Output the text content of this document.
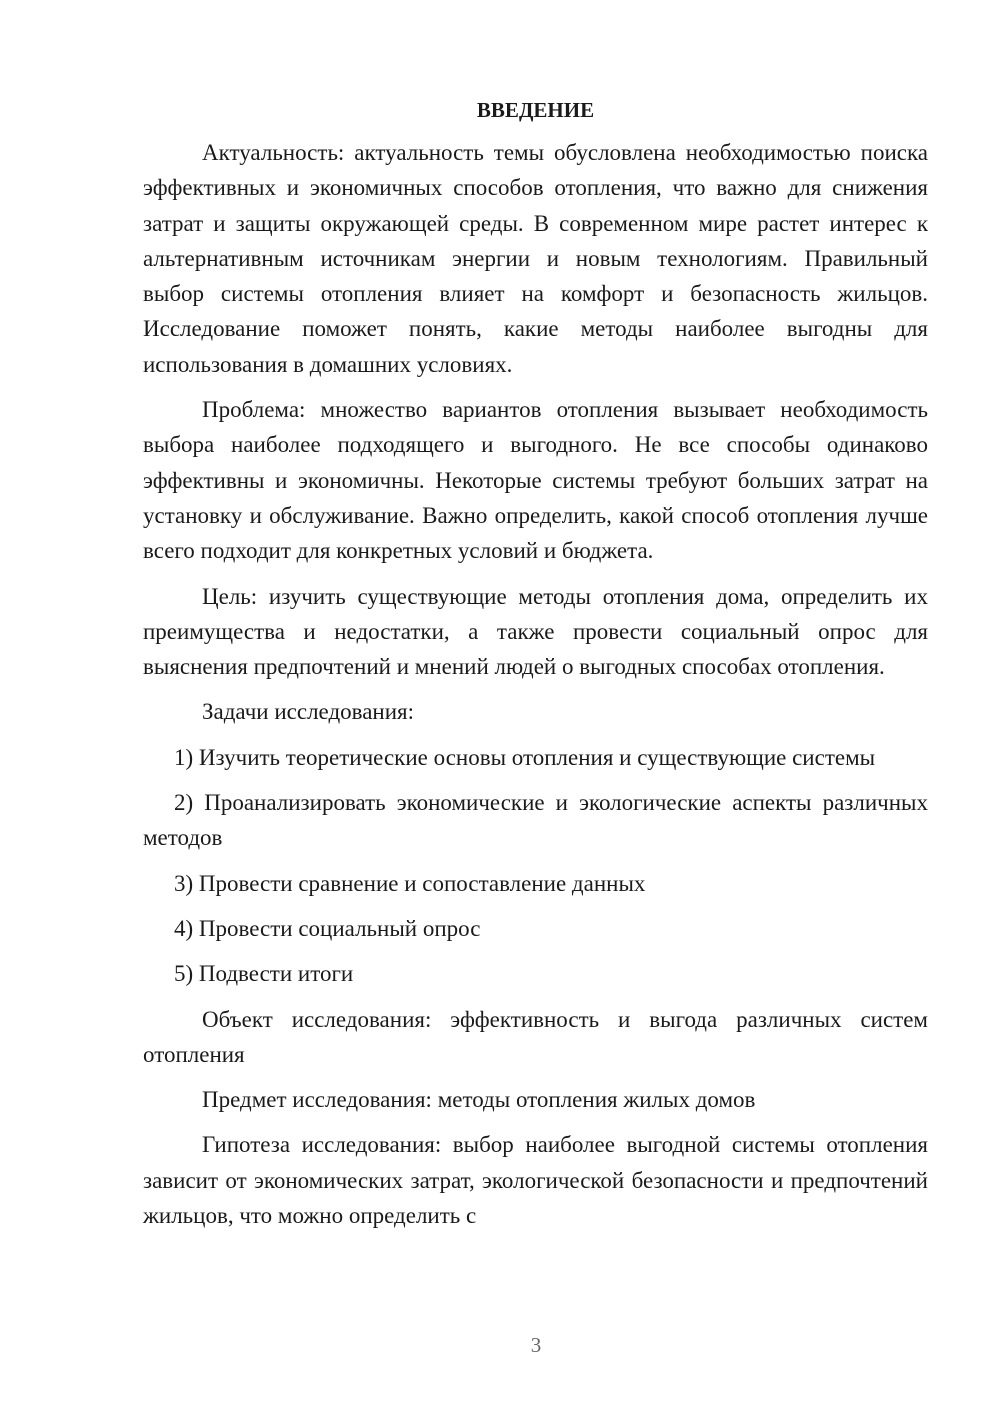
ВВЕДЕНИЕ

Актуальность: актуальность темы обусловлена необходимостью поиска эффективных и экономичных способов отопления, что важно для снижения затрат и защиты окружающей среды. В современном мире растет интерес к альтернативным источникам энергии и новым технологиям. Правильный выбор системы отопления влияет на комфорт и безопасность жильцов. Исследование поможет понять, какие методы наиболее выгодны для использования в домашних условиях.

Проблема: множество вариантов отопления вызывает необходимость выбора наиболее подходящего и выгодного. Не все способы одинаково эффективны и экономичны. Некоторые системы требуют больших затрат на установку и обслуживание. Важно определить, какой способ отопления лучше всего подходит для конкретных условий и бюджета.

Цель: изучить существующие методы отопления дома, определить их преимущества и недостатки, а также провести социальный опрос для выяснения предпочтений и мнений людей о выгодных способах отопления.

Задачи исследования:

1) Изучить теоретические основы отопления и существующие системы

2) Проанализировать экономические и экологические аспекты различных методов

3) Провести сравнение и сопоставление данных

4) Провести социальный опрос

5) Подвести итоги

Объект исследования: эффективность и выгода различных систем отопления

Предмет исследования: методы отопления жилых домов

Гипотеза исследования: выбор наиболее выгодной системы отопления зависит от экономических затрат, экологической безопасности и предпочтений жильцов, что можно определить с

3
